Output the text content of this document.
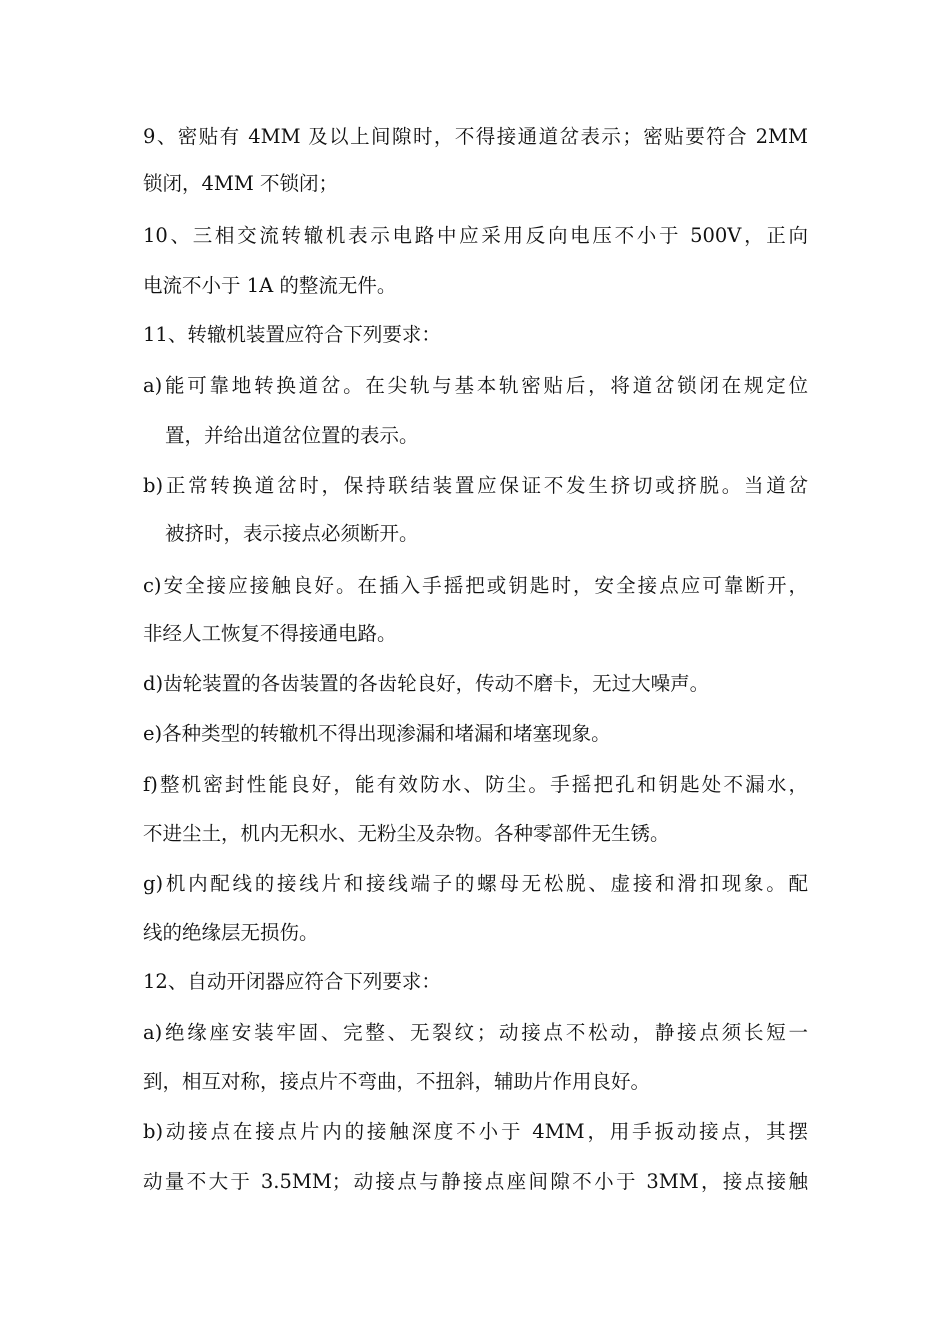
9、密贴有 4MM 及以上间隙时，不得接通道岔表示；密贴要符合 2MM
锁闭，4MM 不锁闭；
10、三相交流转辙机表示电路中应采用反向电压不小于 500V，正向
电流不小于 1A 的整流无件。
11、转辙机装置应符合下列要求：
a)能可靠地转换道岔。在尖轨与基本轨密贴后，将道岔锁闭在规定位
置，并给出道岔位置的表示。
b)正常转换道岔时，保持联结装置应保证不发生挤切或挤脱。当道岔
被挤时，表示接点必须断开。
c)安全接应接触良好。在插入手摇把或钥匙时，安全接点应可靠断开，
非经人工恢复不得接通电路。
d)齿轮装置的各齿装置的各齿轮良好，传动不磨卡，无过大噪声。
e)各种类型的转辙机不得出现渗漏和堵漏和堵塞现象。
f)整机密封性能良好，能有效防水、防尘。手摇把孔和钥匙处不漏水，
不进尘土，机内无积水、无粉尘及杂物。各种零部件无生锈。
g)机内配线的接线片和接线端子的螺母无松脱、虚接和滑扣现象。配
线的绝缘层无损伤。
12、自动开闭器应符合下列要求：
a)绝缘座安装牢固、完整、无裂纹；动接点不松动，静接点须长短一
到，相互对称，接点片不弯曲，不扭斜，辅助片作用良好。
b)动接点在接点片内的接触深度不小于 4MM，用手扳动接点，其摆
动量不大于 3.5MM；动接点与静接点座间隙不小于 3MM，接点接触
